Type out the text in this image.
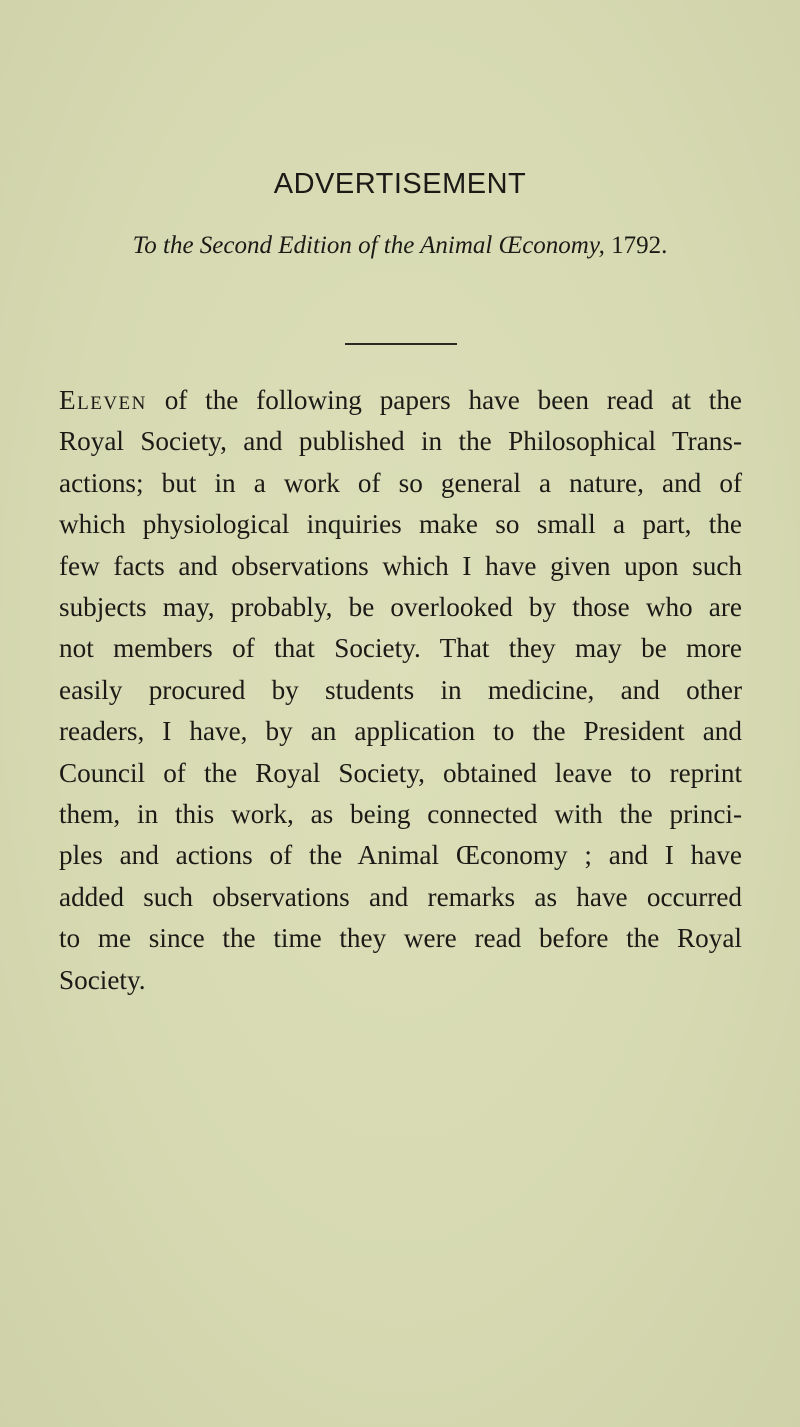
ADVERTISEMENT

To the Second Edition of the Animal Œconomy, 1792.

Eleven of the following papers have been read at the
Royal Society, and published in the Philosophical Trans-
actions; but in a work of so general a nature, and of
which physiological inquiries make so small a part, the
few facts and observations which I have given upon such
subjects may, probably, be overlooked by those who are
not members of that Society. That they may be more
easily procured by students in medicine, and other
readers, I have, by an application to the President and
Council of the Royal Society, obtained leave to reprint
them, in this work, as being connected with the princi-
ples and actions of the Animal Œconomy ; and I have
added such observations and remarks as have occurred
to me since the time they were read before the Royal
Society.
